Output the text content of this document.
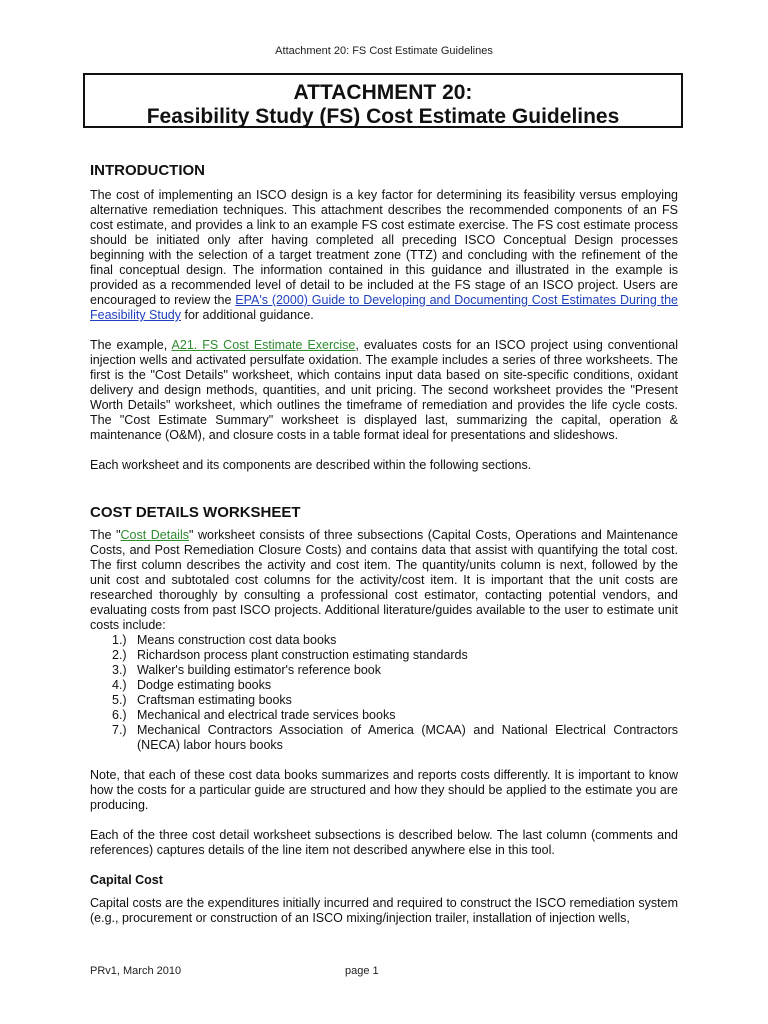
Attachment 20: FS Cost Estimate Guidelines
ATTACHMENT 20:
Feasibility Study (FS) Cost Estimate Guidelines
INTRODUCTION

The cost of implementing an ISCO design is a key factor for determining its feasibility versus employing alternative remediation techniques. This attachment describes the recommended components of an FS cost estimate, and provides a link to an example FS cost estimate exercise. The FS cost estimate process should be initiated only after having completed all preceding ISCO Conceptual Design processes beginning with the selection of a target treatment zone (TTZ) and concluding with the refinement of the final conceptual design. The information contained in this guidance and illustrated in the example is provided as a recommended level of detail to be included at the FS stage of an ISCO project. Users are encouraged to review the EPA's (2000) Guide to Developing and Documenting Cost Estimates During the Feasibility Study for additional guidance.

The example, A21. FS Cost Estimate Exercise, evaluates costs for an ISCO project using conventional injection wells and activated persulfate oxidation. The example includes a series of three worksheets. The first is the "Cost Details" worksheet, which contains input data based on site-specific conditions, oxidant delivery and design methods, quantities, and unit pricing. The second worksheet provides the "Present Worth Details" worksheet, which outlines the timeframe of remediation and provides the life cycle costs. The "Cost Estimate Summary" worksheet is displayed last, summarizing the capital, operation & maintenance (O&M), and closure costs in a table format ideal for presentations and slideshows.

Each worksheet and its components are described within the following sections.

COST DETAILS WORKSHEET

The "Cost Details" worksheet consists of three subsections (Capital Costs, Operations and Maintenance Costs, and Post Remediation Closure Costs) and contains data that assist with quantifying the total cost. The first column describes the activity and cost item. The quantity/units column is next, followed by the unit cost and subtotaled cost columns for the activity/cost item. It is important that the unit costs are researched thoroughly by consulting a professional cost estimator, contacting potential vendors, and evaluating costs from past ISCO projects. Additional literature/guides available to the user to estimate unit costs include:

1.) Means construction cost data books
2.) Richardson process plant construction estimating standards
3.) Walker's building estimator's reference book
4.) Dodge estimating books
5.) Craftsman estimating books
6.) Mechanical and electrical trade services books
7.) Mechanical Contractors Association of America (MCAA) and National Electrical Contractors (NECA) labor hours books

Note, that each of these cost data books summarizes and reports costs differently. It is important to know how the costs for a particular guide are structured and how they should be applied to the estimate you are producing.

Each of the three cost detail worksheet subsections is described below. The last column (comments and references) captures details of the line item not described anywhere else in this tool.

Capital Cost

Capital costs are the expenditures initially incurred and required to construct the ISCO remediation system (e.g., procurement or construction of an ISCO mixing/injection trailer, installation of injection wells,

PRv1, March 2010	page 1
